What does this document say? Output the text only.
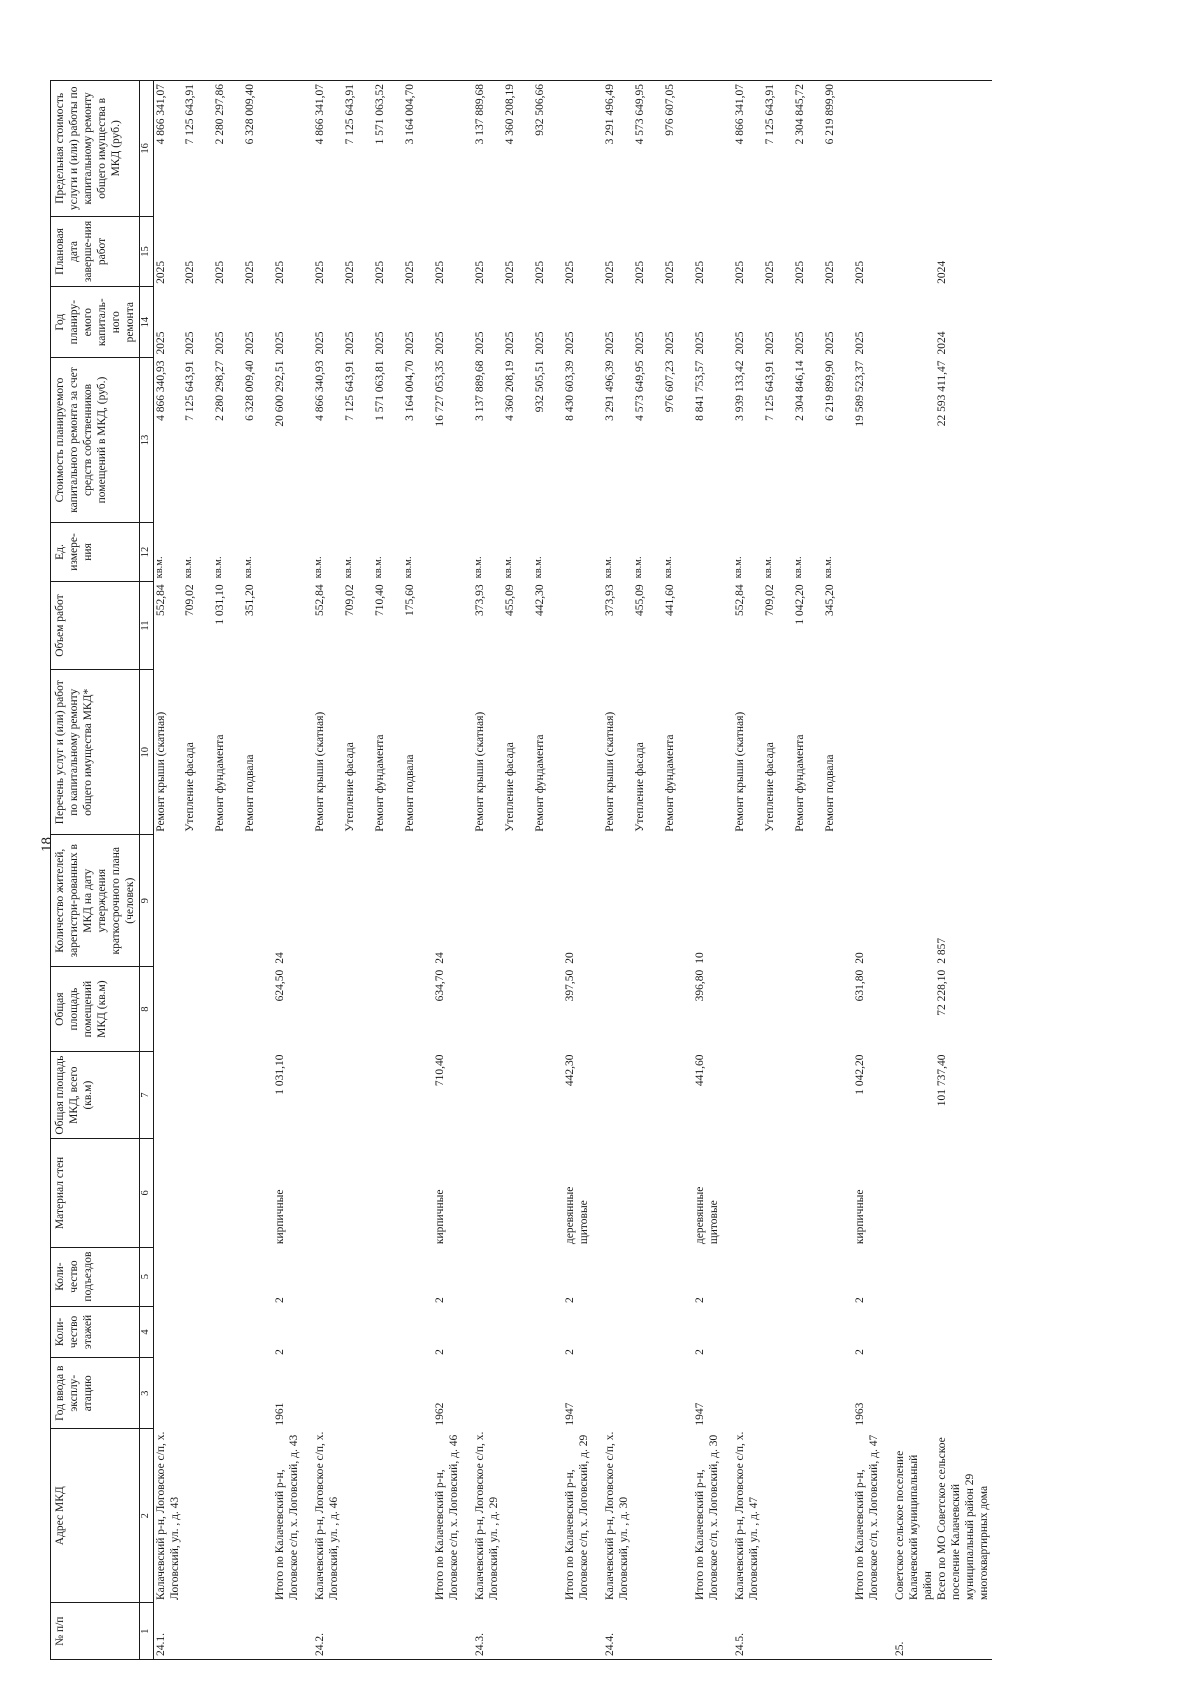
18
№ п/п	Адрес МКД	Год ввода в эксплу-атацию	Коли-чество этажей	Коли-чество подъездов	Материал стен	Общая площадь МКД, всего (кв.м)	Общая площадь помещений МКД (кв.м)	Количество жителей, зарегистри-рованных в МКД на дату утверждения краткосрочного плана (человек)	Перечень услуг и (или) работ по капитальному ремонту общего имущества МКД*	Объем работ	Ед. измере-ния	Стоимость планируемого капитального ремонта за счет средств собственников помещений в МКД, (руб.)	Год планиру-емого капиталь-ного ремонта	Плановая дата заверше-ния работ	Предельная стоимость услуги и (или) работы по капитальному ремонту общего имущества в МКД (руб.)
1	2	3	4	5	6	7	8	9	10	11	12	13	14	15	16
24.1.	Калачевский р-н, Логовское с/п, х. Логовский, ул. , д. 43								Ремонт крыши (скатная)	552,84	кв.м.	4 866 340,93	2025	2025	4 866 341,07
									Утепление фасада	709,02	кв.м.	7 125 643,91	2025	2025	7 125 643,91
									Ремонт фундамента	1 031,10	кв.м.	2 280 298,27	2025	2025	2 280 297,86
									Ремонт подвала	351,20	кв.м.	6 328 009,40	2025	2025	6 328 009,40
	Итого по Калачевский р-н, Логовское с/п, х. Логовский, д. 43	1961	2	2	кирпичные	1 031,10	624,50	24				20 600 292,51	2025	2025	
24.2.	Калачевский р-н, Логовское с/п, х. Логовский, ул. , д. 46								Ремонт крыши (скатная)	552,84	кв.м.	4 866 340,93	2025	2025	4 866 341,07
									Утепление фасада	709,02	кв.м.	7 125 643,91	2025	2025	7 125 643,91
									Ремонт фундамента	710,40	кв.м.	1 571 063,81	2025	2025	1 571 063,52
									Ремонт подвала	175,60	кв.м.	3 164 004,70	2025	2025	3 164 004,70
	Итого по Калачевский р-н, Логовское с/п, х. Логовский, д. 46	1962	2	2	кирпичные	710,40	634,70	24				16 727 053,35	2025	2025	
24.3.	Калачевский р-н, Логовское с/п, х. Логовский, ул. , д. 29								Ремонт крыши (скатная)	373,93	кв.м.	3 137 889,68	2025	2025	3 137 889,68
									Утепление фасада	455,09	кв.м.	4 360 208,19	2025	2025	4 360 208,19
									Ремонт фундамента	442,30	кв.м.	932 505,51	2025	2025	932 506,66
	Итого по Калачевский р-н, Логовское с/п, х. Логовский, д. 29	1947	2	2	деревянные щитовые	442,30	397,50	20				8 430 603,39	2025	2025	
24.4.	Калачевский р-н, Логовское с/п, х. Логовский, ул. , д. 30								Ремонт крыши (скатная)	373,93	кв.м.	3 291 496,39	2025	2025	3 291 496,49
									Утепление фасада	455,09	кв.м.	4 573 649,95	2025	2025	4 573 649,95
									Ремонт фундамента	441,60	кв.м.	976 607,23	2025	2025	976 607,05
	Итого по Калачевский р-н, Логовское с/п, х. Логовский, д. 30	1947	2	2	деревянные щитовые	441,60	396,80	10				8 841 753,57	2025	2025	
24.5.	Калачевский р-н, Логовское с/п, х. Логовский, ул. , д. 47								Ремонт крыши (скатная)	552,84	кв.м.	3 939 133,42	2025	2025	4 866 341,07
									Утепление фасада	709,02	кв.м.	7 125 643,91	2025	2025	7 125 643,91
									Ремонт фундамента	1 042,20	кв.м.	2 304 846,14	2025	2025	2 304 845,72
									Ремонт подвала	345,20	кв.м.	6 219 899,90	2025	2025	6 219 899,90
	Итого по Калачевский р-н, Логовское с/п, х. Логовский, д. 47	1963	2	2	кирпичные	1 042,20	631,80	20				19 589 523,37	2025	2025	
25.	Советское сельское поселение Калачевский муниципальный район														
	Всего по МО Советское сельское поселение Калачевский муниципальный район 29 многоквартирных дома					101 737,40	72 228,10	2 857				22 593 411,47	2024	2024	
